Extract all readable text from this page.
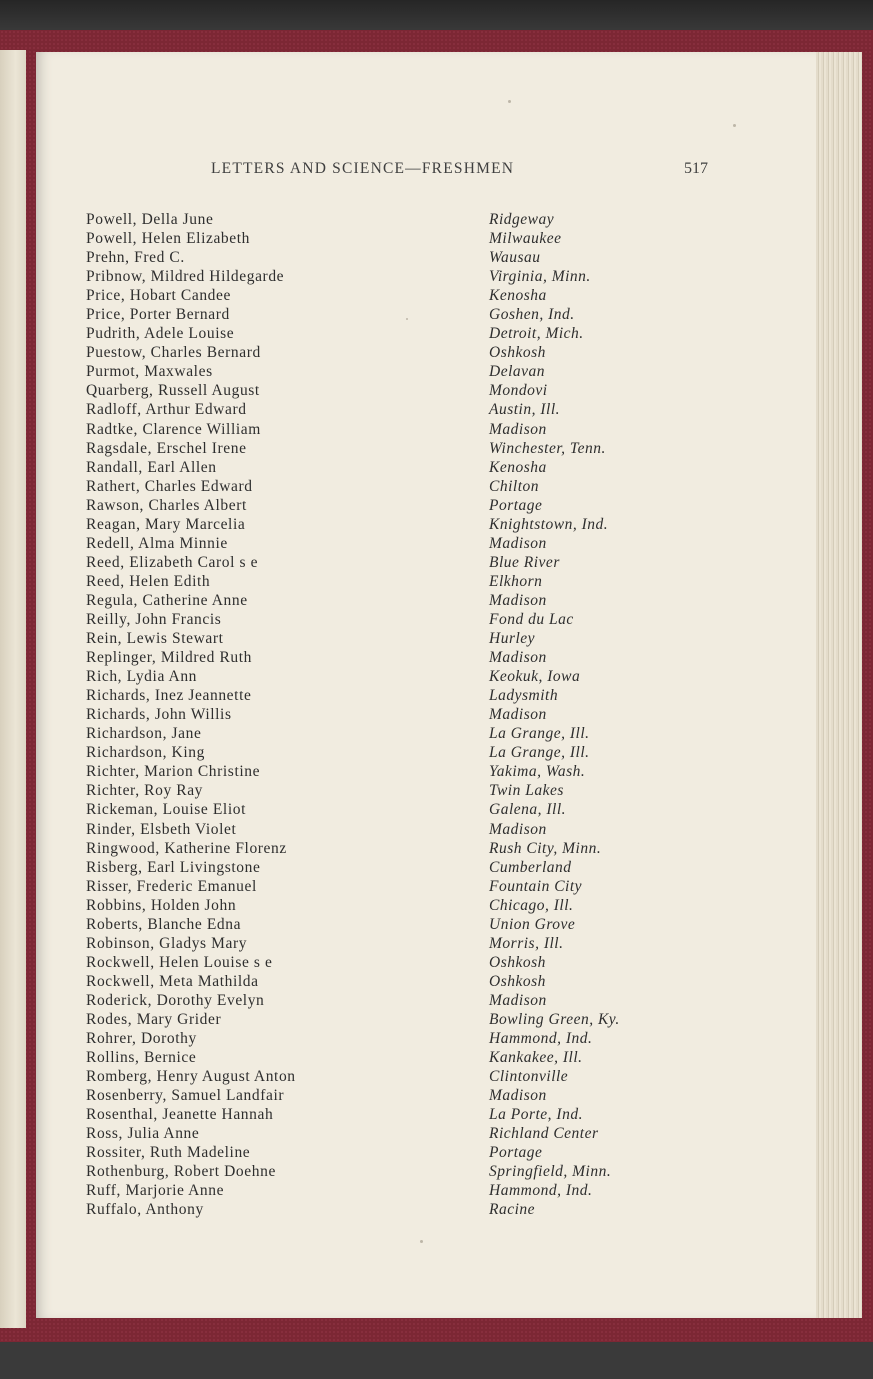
LETTERS AND SCIENCE—FRESHMEN	517
Powell, Della June	Ridgeway
Powell, Helen Elizabeth	Milwaukee
Prehn, Fred C.	Wausau
Pribnow, Mildred Hildegarde	Virginia, Minn.
Price, Hobart Candee	Kenosha
Price, Porter Bernard	Goshen, Ind.
Pudrith, Adele Louise	Detroit, Mich.
Puestow, Charles Bernard	Oshkosh
Purmot, Maxwales	Delavan
Quarberg, Russell August	Mondovi
Radloff, Arthur Edward	Austin, Ill.
Radtke, Clarence William	Madison
Ragsdale, Erschel Irene	Winchester, Tenn.
Randall, Earl Allen	Kenosha
Rathert, Charles Edward	Chilton
Rawson, Charles Albert	Portage
Reagan, Mary Marcelia	Knightstown, Ind.
Redell, Alma Minnie	Madison
Reed, Elizabeth Carol s e	Blue River
Reed, Helen Edith	Elkhorn
Regula, Catherine Anne	Madison
Reilly, John Francis	Fond du Lac
Rein, Lewis Stewart	Hurley
Replinger, Mildred Ruth	Madison
Rich, Lydia Ann	Keokuk, Iowa
Richards, Inez Jeannette	Ladysmith
Richards, John Willis	Madison
Richardson, Jane	La Grange, Ill.
Richardson, King	La Grange, Ill.
Richter, Marion Christine	Yakima, Wash.
Richter, Roy Ray	Twin Lakes
Rickeman, Louise Eliot	Galena, Ill.
Rinder, Elsbeth Violet	Madison
Ringwood, Katherine Florenz	Rush City, Minn.
Risberg, Earl Livingstone	Cumberland
Risser, Frederic Emanuel	Fountain City
Robbins, Holden John	Chicago, Ill.
Roberts, Blanche Edna	Union Grove
Robinson, Gladys Mary	Morris, Ill.
Rockwell, Helen Louise s e	Oshkosh
Rockwell, Meta Mathilda	Oshkosh
Roderick, Dorothy Evelyn	Madison
Rodes, Mary Grider	Bowling Green, Ky.
Rohrer, Dorothy	Hammond, Ind.
Rollins, Bernice	Kankakee, Ill.
Romberg, Henry August Anton	Clintonville
Rosenberry, Samuel Landfair	Madison
Rosenthal, Jeanette Hannah	La Porte, Ind.
Ross, Julia Anne	Richland Center
Rossiter, Ruth Madeline	Portage
Rothenburg, Robert Doehne	Springfield, Minn.
Ruff, Marjorie Anne	Hammond, Ind.
Ruffalo, Anthony	Racine
